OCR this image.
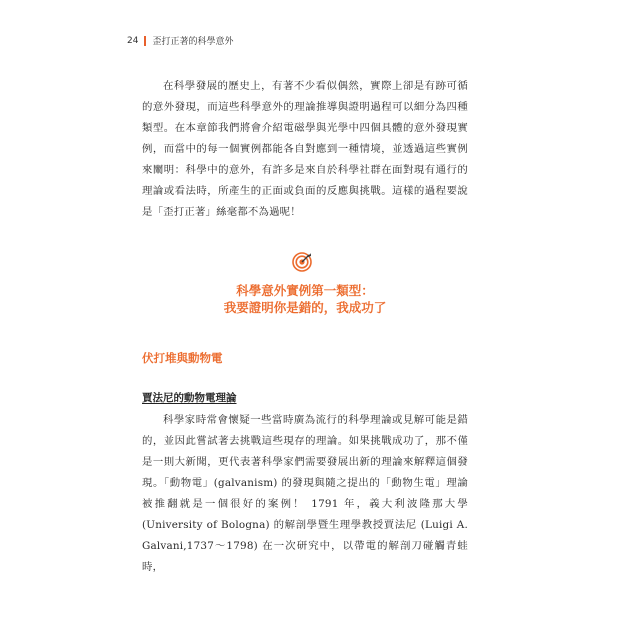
24 歪打正著的科學意外

在科學發展的歷史上，有著不少看似偶然，實際上卻是有跡可循的意外發現，而這些科學意外的理論推導與證明過程可以細分為四種類型。在本章節我們將會介紹電磁學與光學中四個具體的意外發現實例，而當中的每一個實例都能各自對應到一種情境，並透過這些實例來闡明：科學中的意外，有許多是來自於科學社群在面對現有通行的理論或看法時，所產生的正面或負面的反應與挑戰。這樣的過程要說是「歪打正著」絲毫都不為過呢！

科學意外實例第一類型：
我要證明你是錯的，我成功了
伏打堆與動物電
賈法尼的動物電理論

科學家時常會懷疑一些當時廣為流行的科學理論或見解可能是錯的，並因此嘗試著去挑戰這些現存的理論。如果挑戰成功了，那不僅是一則大新聞，更代表著科學家們需要發展出新的理論來解釋這個發現。「動物電」(galvanism) 的發現與隨之提出的「動物生電」理論被推翻就是一個很好的案例！ 1791 年，義大利波隆那大學 (University of Bologna) 的解剖學暨生理學教授賈法尼 (Luigi A. Galvani,1737～1798) 在一次研究中，以帶電的解剖刀碰觸青蛙時，
